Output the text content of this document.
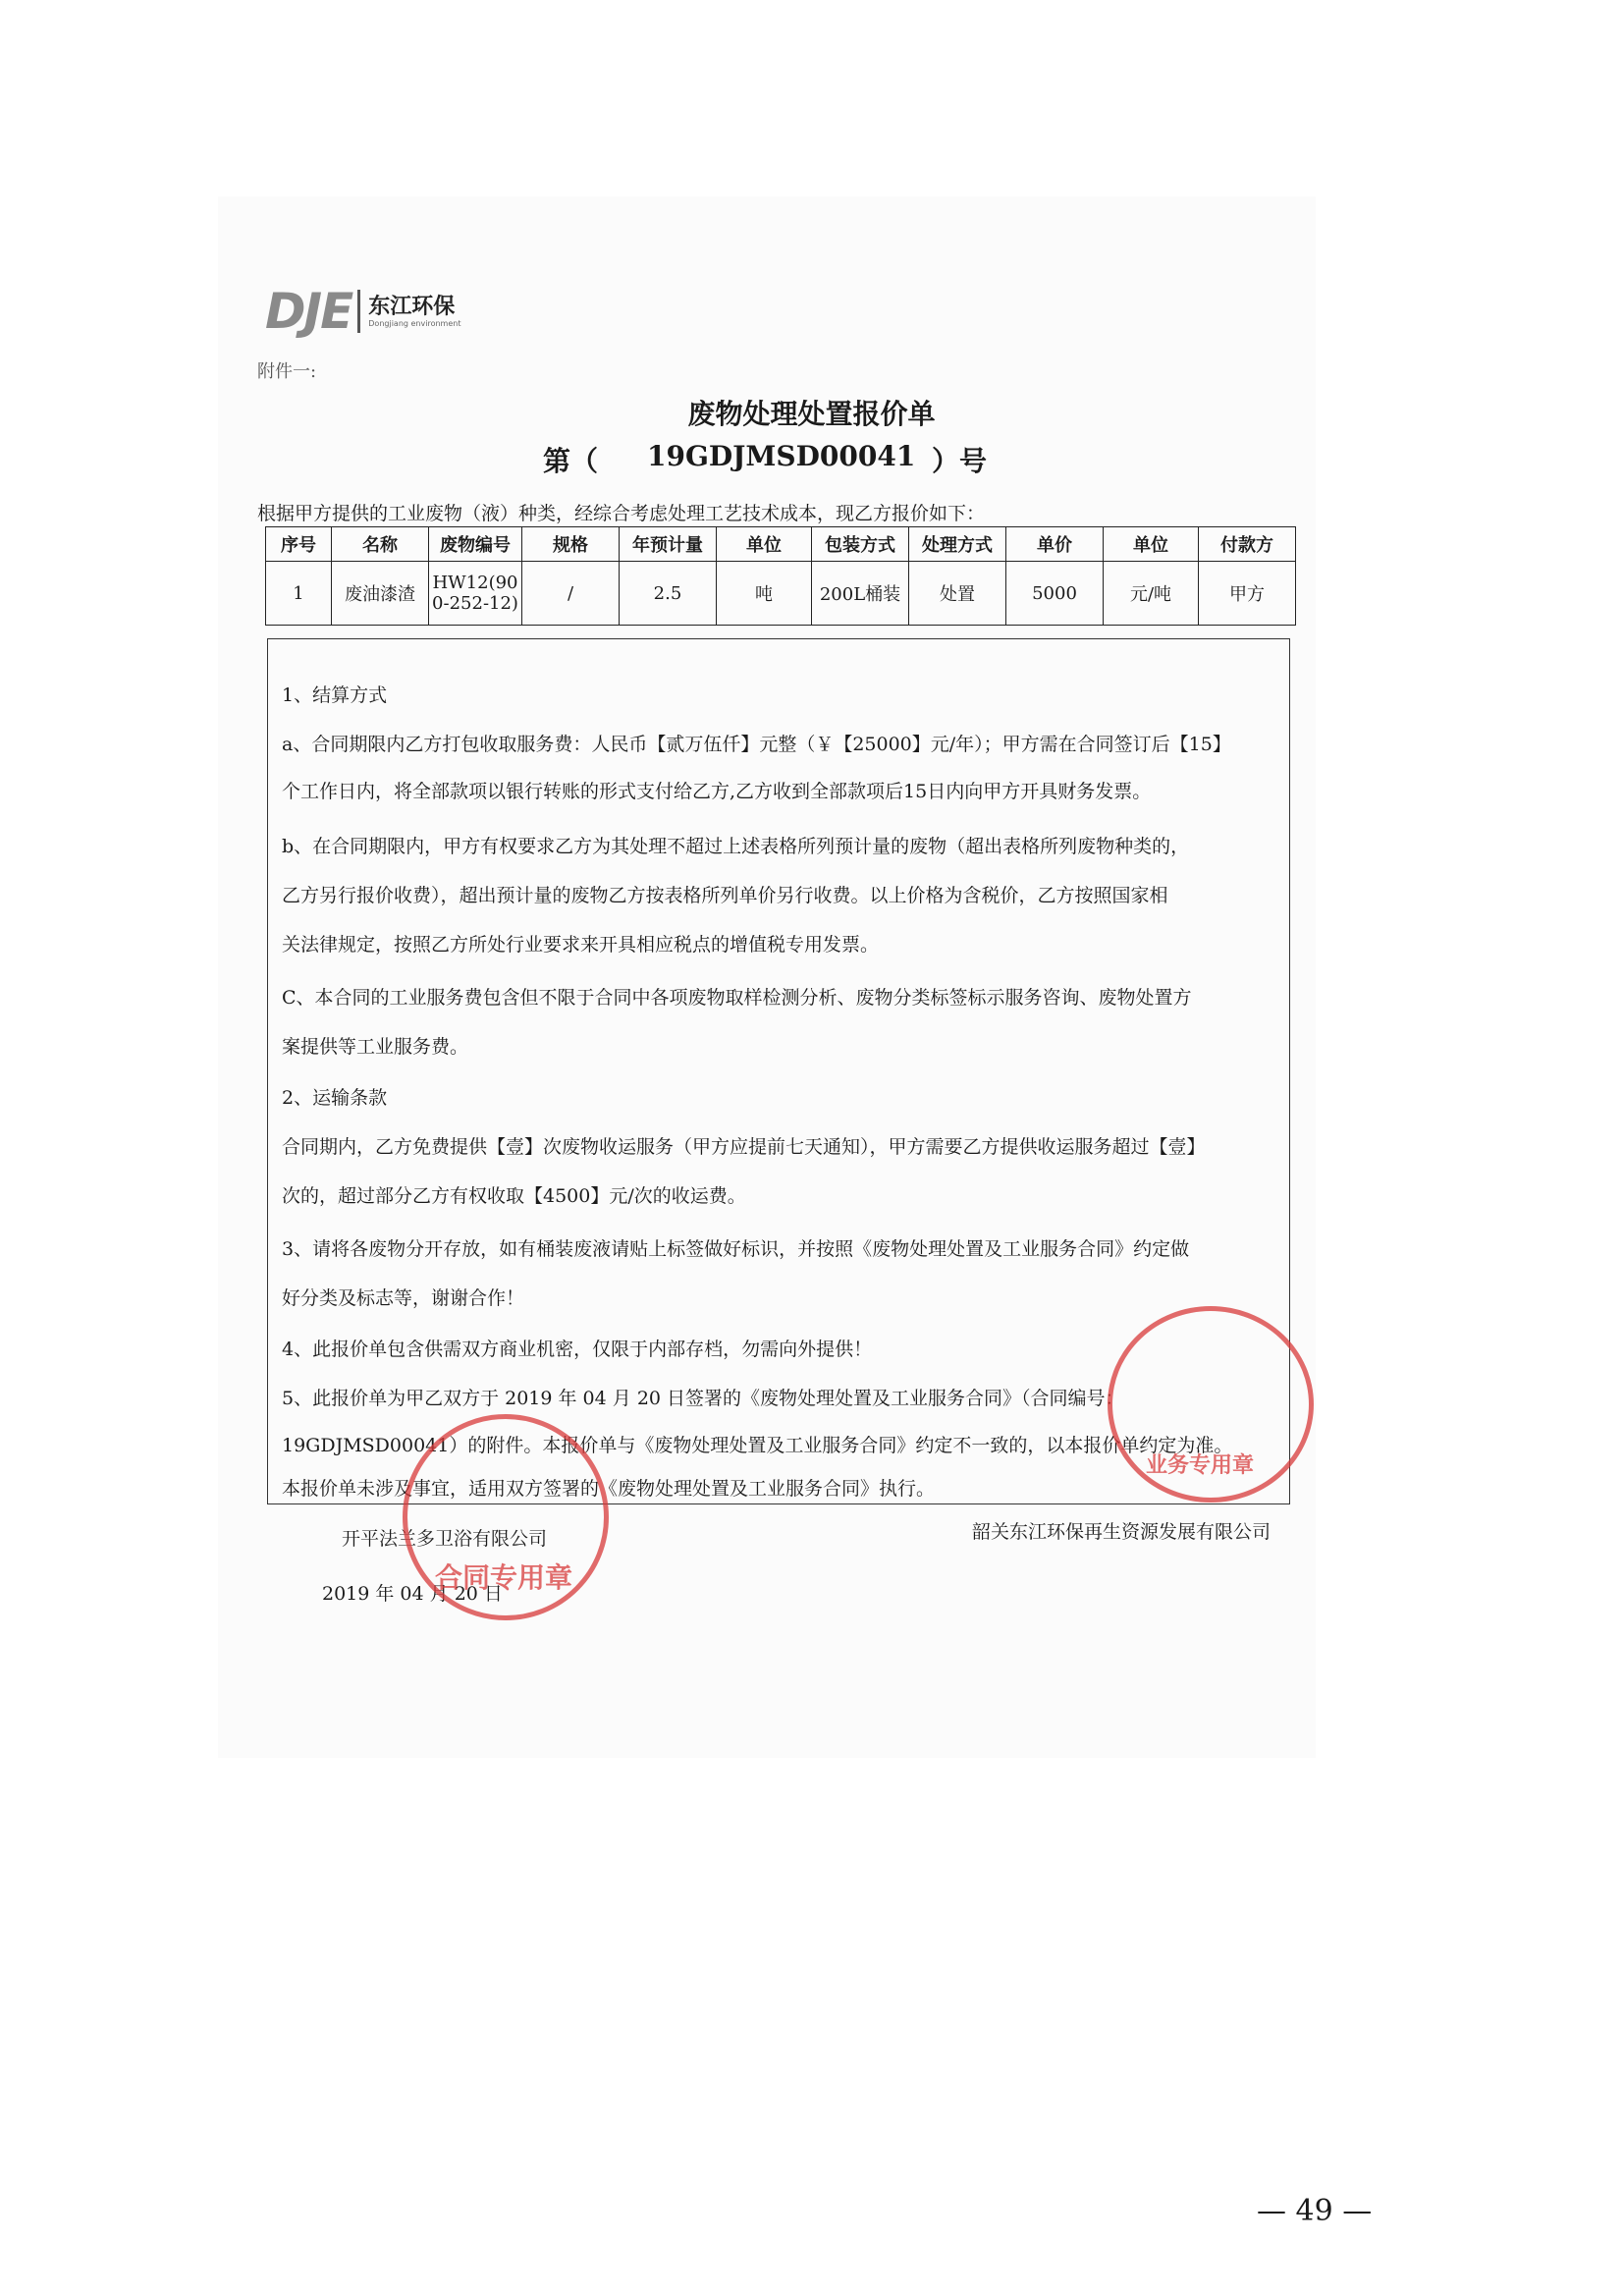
DJE 东江环保
Dongjiang environment
附件一:
废物处理处置报价单
第（ 19GDJMSD00041 ）号
根据甲方提供的工业废物（液）种类，经综合考虑处理工艺技术成本，现乙方报价如下：
序号	名称	废物编号	规格	年预计量	单位	包装方式	处理方式	单价	单位	付款方
1	废油漆渣	HW12(900-252-12)	/	2.5	吨	200L桶装	处置	5000	元/吨	甲方

1、结算方式

a、合同期限内乙方打包收取服务费：人民币【贰万伍仟】元整（￥【25000】元/年）；甲方需在合同签订后【15】

个工作日内，将全部款项以银行转账的形式支付给乙方,乙方收到全部款项后15日内向甲方开具财务发票。

b、在合同期限内，甲方有权要求乙方为其处理不超过上述表格所列预计量的废物（超出表格所列废物种类的，

乙方另行报价收费），超出预计量的废物乙方按表格所列单价另行收费。以上价格为含税价，乙方按照国家相

关法律规定，按照乙方所处行业要求来开具相应税点的增值税专用发票。

C、本合同的工业服务费包含但不限于合同中各项废物取样检测分析、废物分类标签标示服务咨询、废物处置方

案提供等工业服务费。

2、运输条款

合同期内，乙方免费提供【壹】次废物收运服务（甲方应提前七天通知），甲方需要乙方提供收运服务超过【壹】

次的，超过部分乙方有权收取【4500】元/次的收运费。

3、请将各废物分开存放，如有桶装废液请贴上标签做好标识，并按照《废物处理处置及工业服务合同》约定做

好分类及标志等，谢谢合作！

4、此报价单包含供需双方商业机密，仅限于内部存档，勿需向外提供！

5、此报价单为甲乙双方于 2019 年 04 月 20 日签署的《废物处理处置及工业服务合同》（合同编号：

19GDJMSD00041）的附件。本报价单与《废物处理处置及工业服务合同》约定不一致的，以本报价单约定为准。

本报价单未涉及事宜，适用双方签署的《废物处理处置及工业服务合同》执行。

开平法兰多卫浴有限公司	韶关东江环保再生资源发展有限公司
2019 年 04 月 20 日
合同专用章
业务专用章
— 49 —
